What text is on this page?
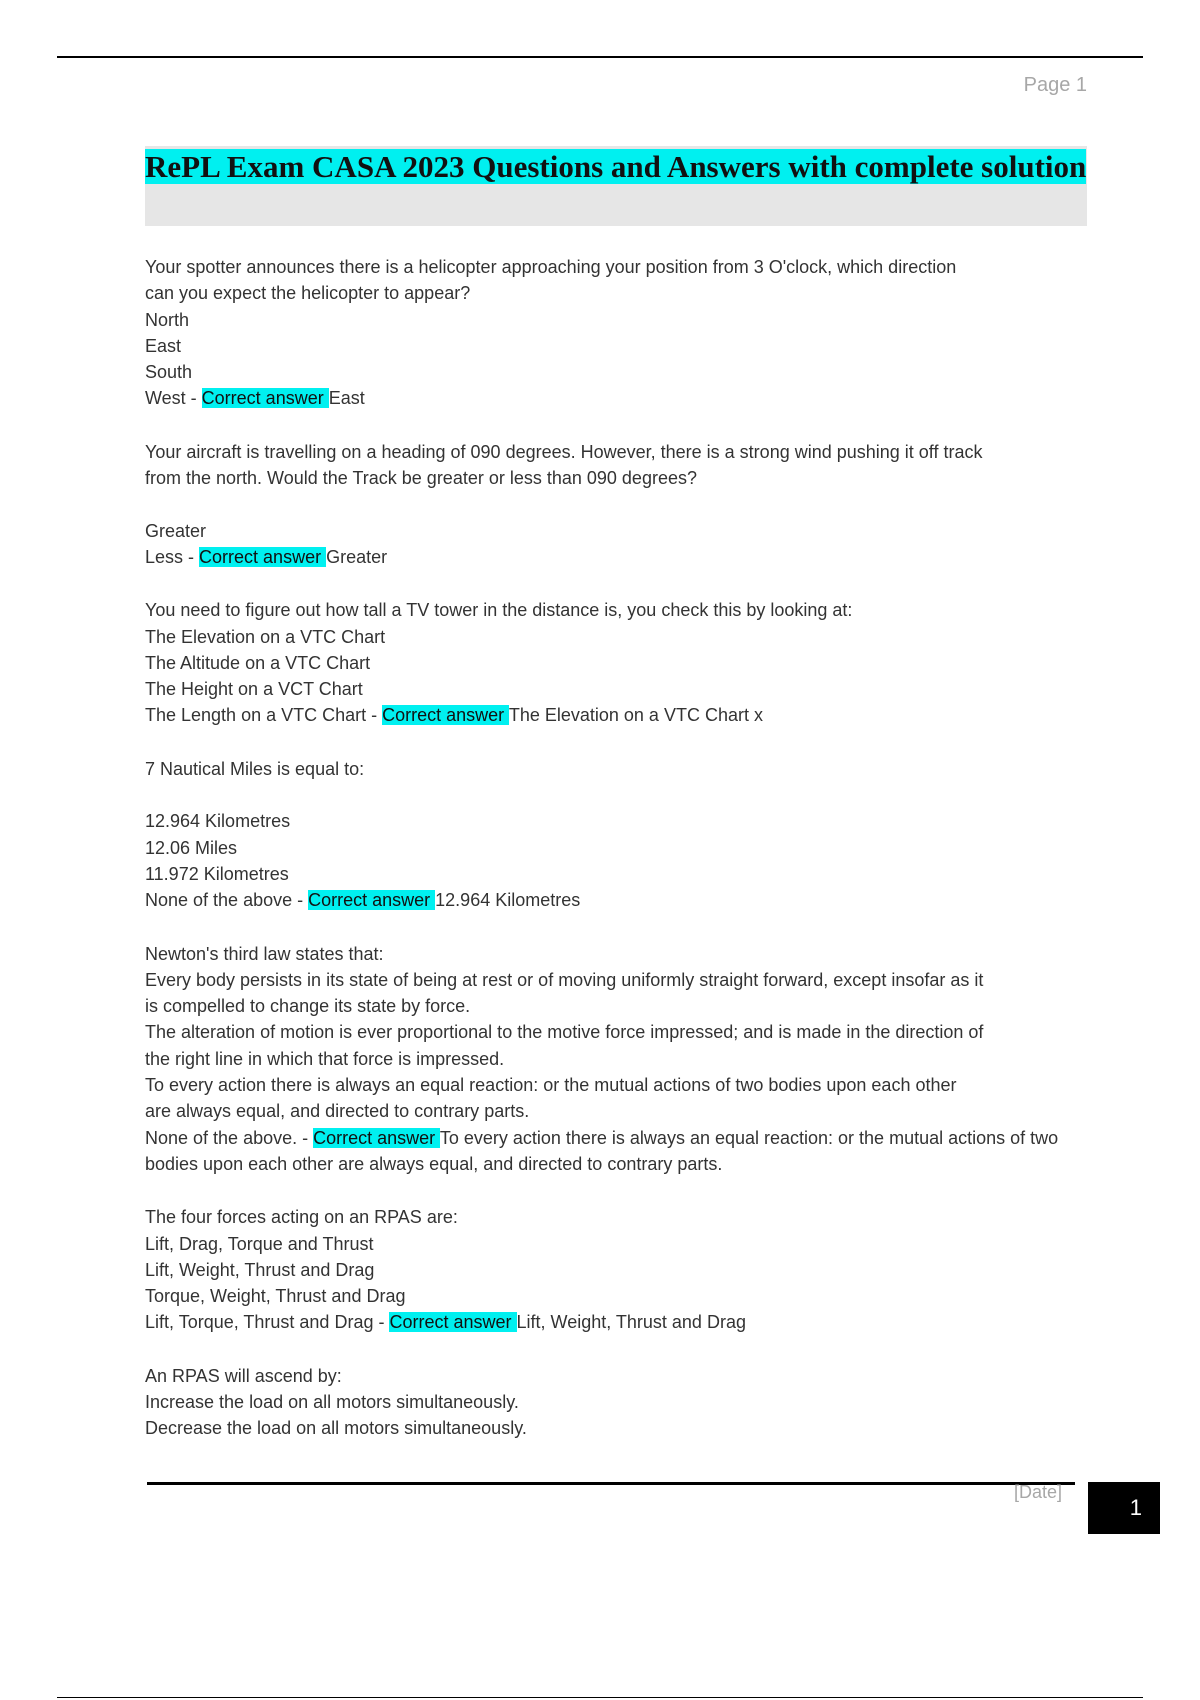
Page 1
RePL Exam CASA 2023 Questions and Answers with complete solution
Your spotter announces there is a helicopter approaching your position from 3 O'clock, which direction
can you expect the helicopter to appear?
North
East
South
West - Correct answer East
Your aircraft is travelling on a heading of 090 degrees. However, there is a strong wind pushing it off track
from the north. Would the Track be greater or less than 090 degrees?
Greater
Less - Correct answer Greater
You need to figure out how tall a TV tower in the distance is, you check this by looking at:
The Elevation on a VTC Chart
The Altitude on a VTC Chart
The Height on a VCT Chart
The Length on a VTC Chart - Correct answer The Elevation on a VTC Chart x
7 Nautical Miles is equal to:
12.964 Kilometres
12.06 Miles
11.972 Kilometres
None of the above - Correct answer 12.964 Kilometres
Newton's third law states that:
Every body persists in its state of being at rest or of moving uniformly straight forward, except insofar as it
is compelled to change its state by force.
The alteration of motion is ever proportional to the motive force impressed; and is made in the direction of
the right line in which that force is impressed.
To every action there is always an equal reaction: or the mutual actions of two bodies upon each other
are always equal, and directed to contrary parts.
None of the above. - Correct answer To every action there is always an equal reaction: or the mutual actions of two bodies upon each other are always equal, and directed to contrary parts.
The four forces acting on an RPAS are:
Lift, Drag, Torque and Thrust
Lift, Weight, Thrust and Drag
Torque, Weight, Thrust and Drag
Lift, Torque, Thrust and Drag - Correct answer Lift, Weight, Thrust and Drag
An RPAS will ascend by:
Increase the load on all motors simultaneously.
Decrease the load on all motors simultaneously.
[Date]
1
